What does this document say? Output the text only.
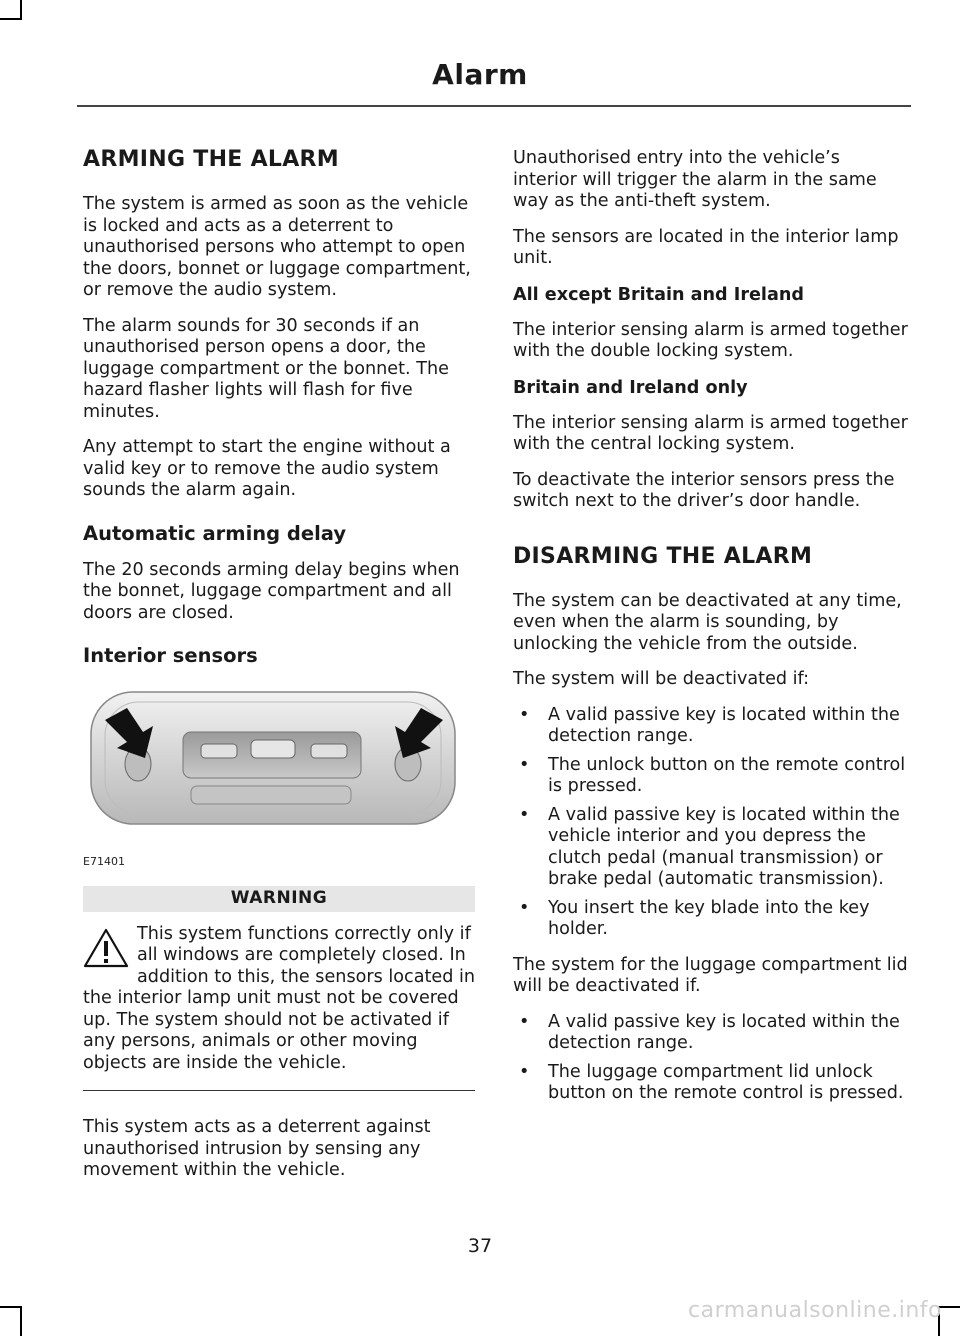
Alarm
ARMING THE ALARM

The system is armed as soon as the vehicle is locked and acts as a deterrent to unauthorised persons who attempt to open the doors, bonnet or luggage compartment, or remove the audio system.

The alarm sounds for 30 seconds if an unauthorised person opens a door, the luggage compartment or the bonnet. The hazard flasher lights will flash for five minutes.

Any attempt to start the engine without a valid key or to remove the audio system sounds the alarm again.

Automatic arming delay

The 20 seconds arming delay begins when the bonnet, luggage compartment and all doors are closed.

Interior sensors
E71401
WARNING
This system functions correctly only if all windows are completely closed. In addition to this, the sensors located in the interior lamp unit must not be covered up. The system should not be activated if any persons, animals or other moving objects are inside the vehicle.

This system acts as a deterrent against unauthorised intrusion by sensing any movement within the vehicle.

Unauthorised entry into the vehicle’s interior will trigger the alarm in the same way as the anti-theft system.

The sensors are located in the interior lamp unit.

All except Britain and Ireland

The interior sensing alarm is armed together with the double locking system.

Britain and Ireland only

The interior sensing alarm is armed together with the central locking system.

To deactivate the interior sensors press the switch next to the driver’s door handle.

DISARMING THE ALARM

The system can be deactivated at any time, even when the alarm is sounding, by unlocking the vehicle from the outside.

The system will be deactivated if:

• A valid passive key is located within the detection range.
• The unlock button on the remote control is pressed.
• A valid passive key is located within the vehicle interior and you depress the clutch pedal (manual transmission) or brake pedal (automatic transmission).
• You insert the key blade into the key holder.

The system for the luggage compartment lid will be deactivated if.

• A valid passive key is located within the detection range.
• The luggage compartment lid unlock button on the remote control is pressed.
37
carmanualsonline.info
